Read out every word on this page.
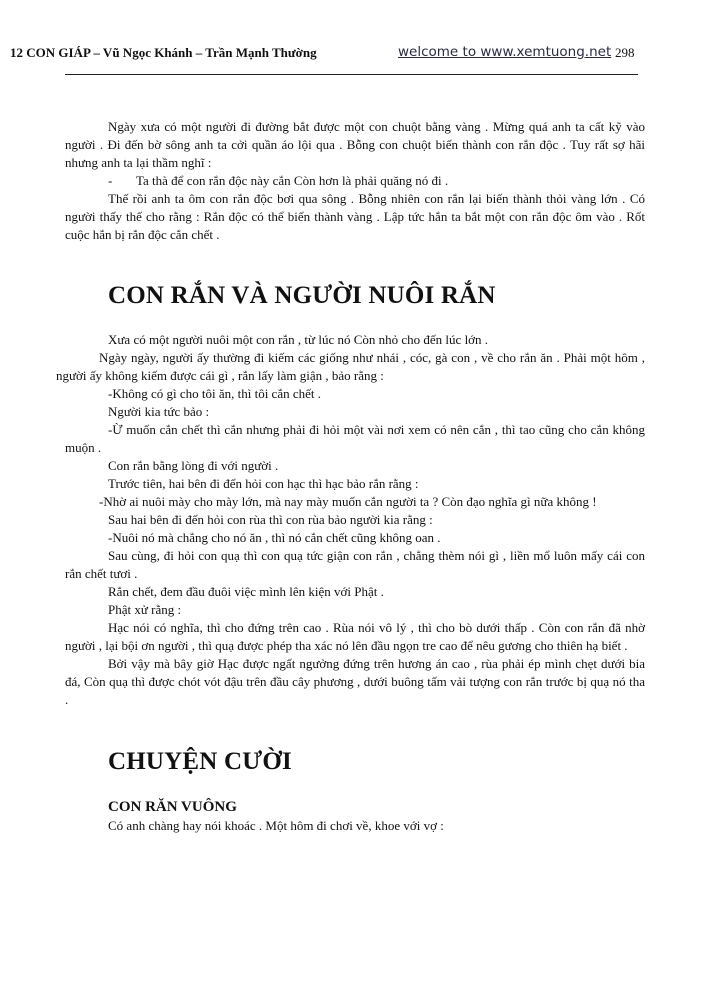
12 CON GIÁP – Vũ Ngọc Khánh – Trần Mạnh Thường	welcome to www.xemtuong.net 298

Ngày xưa có một người đi đường bắt được một con chuột bằng vàng . Mừng quá anh ta cất kỹ vào người . Đi đến bờ sông anh ta cởi quần áo lội qua . Bỗng con chuột biến thành con rắn độc . Tuy rất sợ hãi nhưng anh ta lại thầm nghĩ :

-	Ta thà để con rắn độc này cắn Còn hơn là phải quăng nó đi .

Thế rồi anh ta ôm con rắn độc bơi qua sông . Bỗng nhiên con rắn lại biến thành thỏi vàng lớn . Có người thấy thế cho rằng : Rắn độc có thể biến thành vàng . Lập tức hắn ta bắt một con rắn độc ôm vào . Rốt cuộc hắn bị rắn độc cắn chết .

CON RẮN VÀ NGƯỜI NUÔI RẮN

Xưa có một người nuôi một con rắn , từ lúc nó Còn nhỏ cho đến lúc lớn .

Ngày ngày, người ấy thường đi kiếm các giống như nhái , cóc, gà con , về cho rắn ăn . Phải một hôm , người ấy không kiếm được cái gì , rắn lấy làm giận , bảo rằng :

-Không có gì cho tôi ăn, thì tôi cắn chết .

Người kia tức bảo :

-Ừ muốn cắn chết thì cắn nhưng phải đi hỏi một vài nơi xem có nên cắn , thì tao cũng cho cắn không muộn .

Con rắn bằng lòng đi với người .

Trước tiên, hai bên đi đến hỏi con hạc thì hạc bảo rắn rằng :

-Nhờ ai nuôi mày cho mày lớn, mà nay mày muốn cắn người ta ? Còn đạo nghĩa gì nữa không !

Sau hai bên đi đến hỏi con rùa thì con rùa bảo người kia rằng :

-Nuôi nó mà chẳng cho nó ăn , thì nó cắn chết cũng không oan .

Sau cùng, đi hỏi con quạ thì con quạ tức giận con rắn , chẳng thèm nói gì , liền mổ luôn mấy cái con rắn chết tươi .

Rắn chết, đem đầu đuôi việc mình lên kiện với Phật .

Phật xử rằng :

Hạc nói có nghĩa, thì cho đứng trên cao . Rùa nói vô lý , thì cho bò dưới thấp . Còn con rắn đã nhờ người , lại bội ơn người , thì quạ được phép tha xác nó lên đầu ngọn tre cao để nêu gương cho thiên hạ biết .

Bởi vậy mà bây giờ Hạc được ngất ngưởng đứng trên hương án cao , rùa phải ép mình chẹt dưới bia đá, Còn quạ thì được chót vót đậu trên đầu cây phương , dưới buông tấm vải tượng con rắn trước bị quạ nó tha .

CHUYỆN CƯỜI
CON RĂN VUÔNG

Có anh chàng hay nói khoác . Một hôm đi chơi về, khoe với vợ :
